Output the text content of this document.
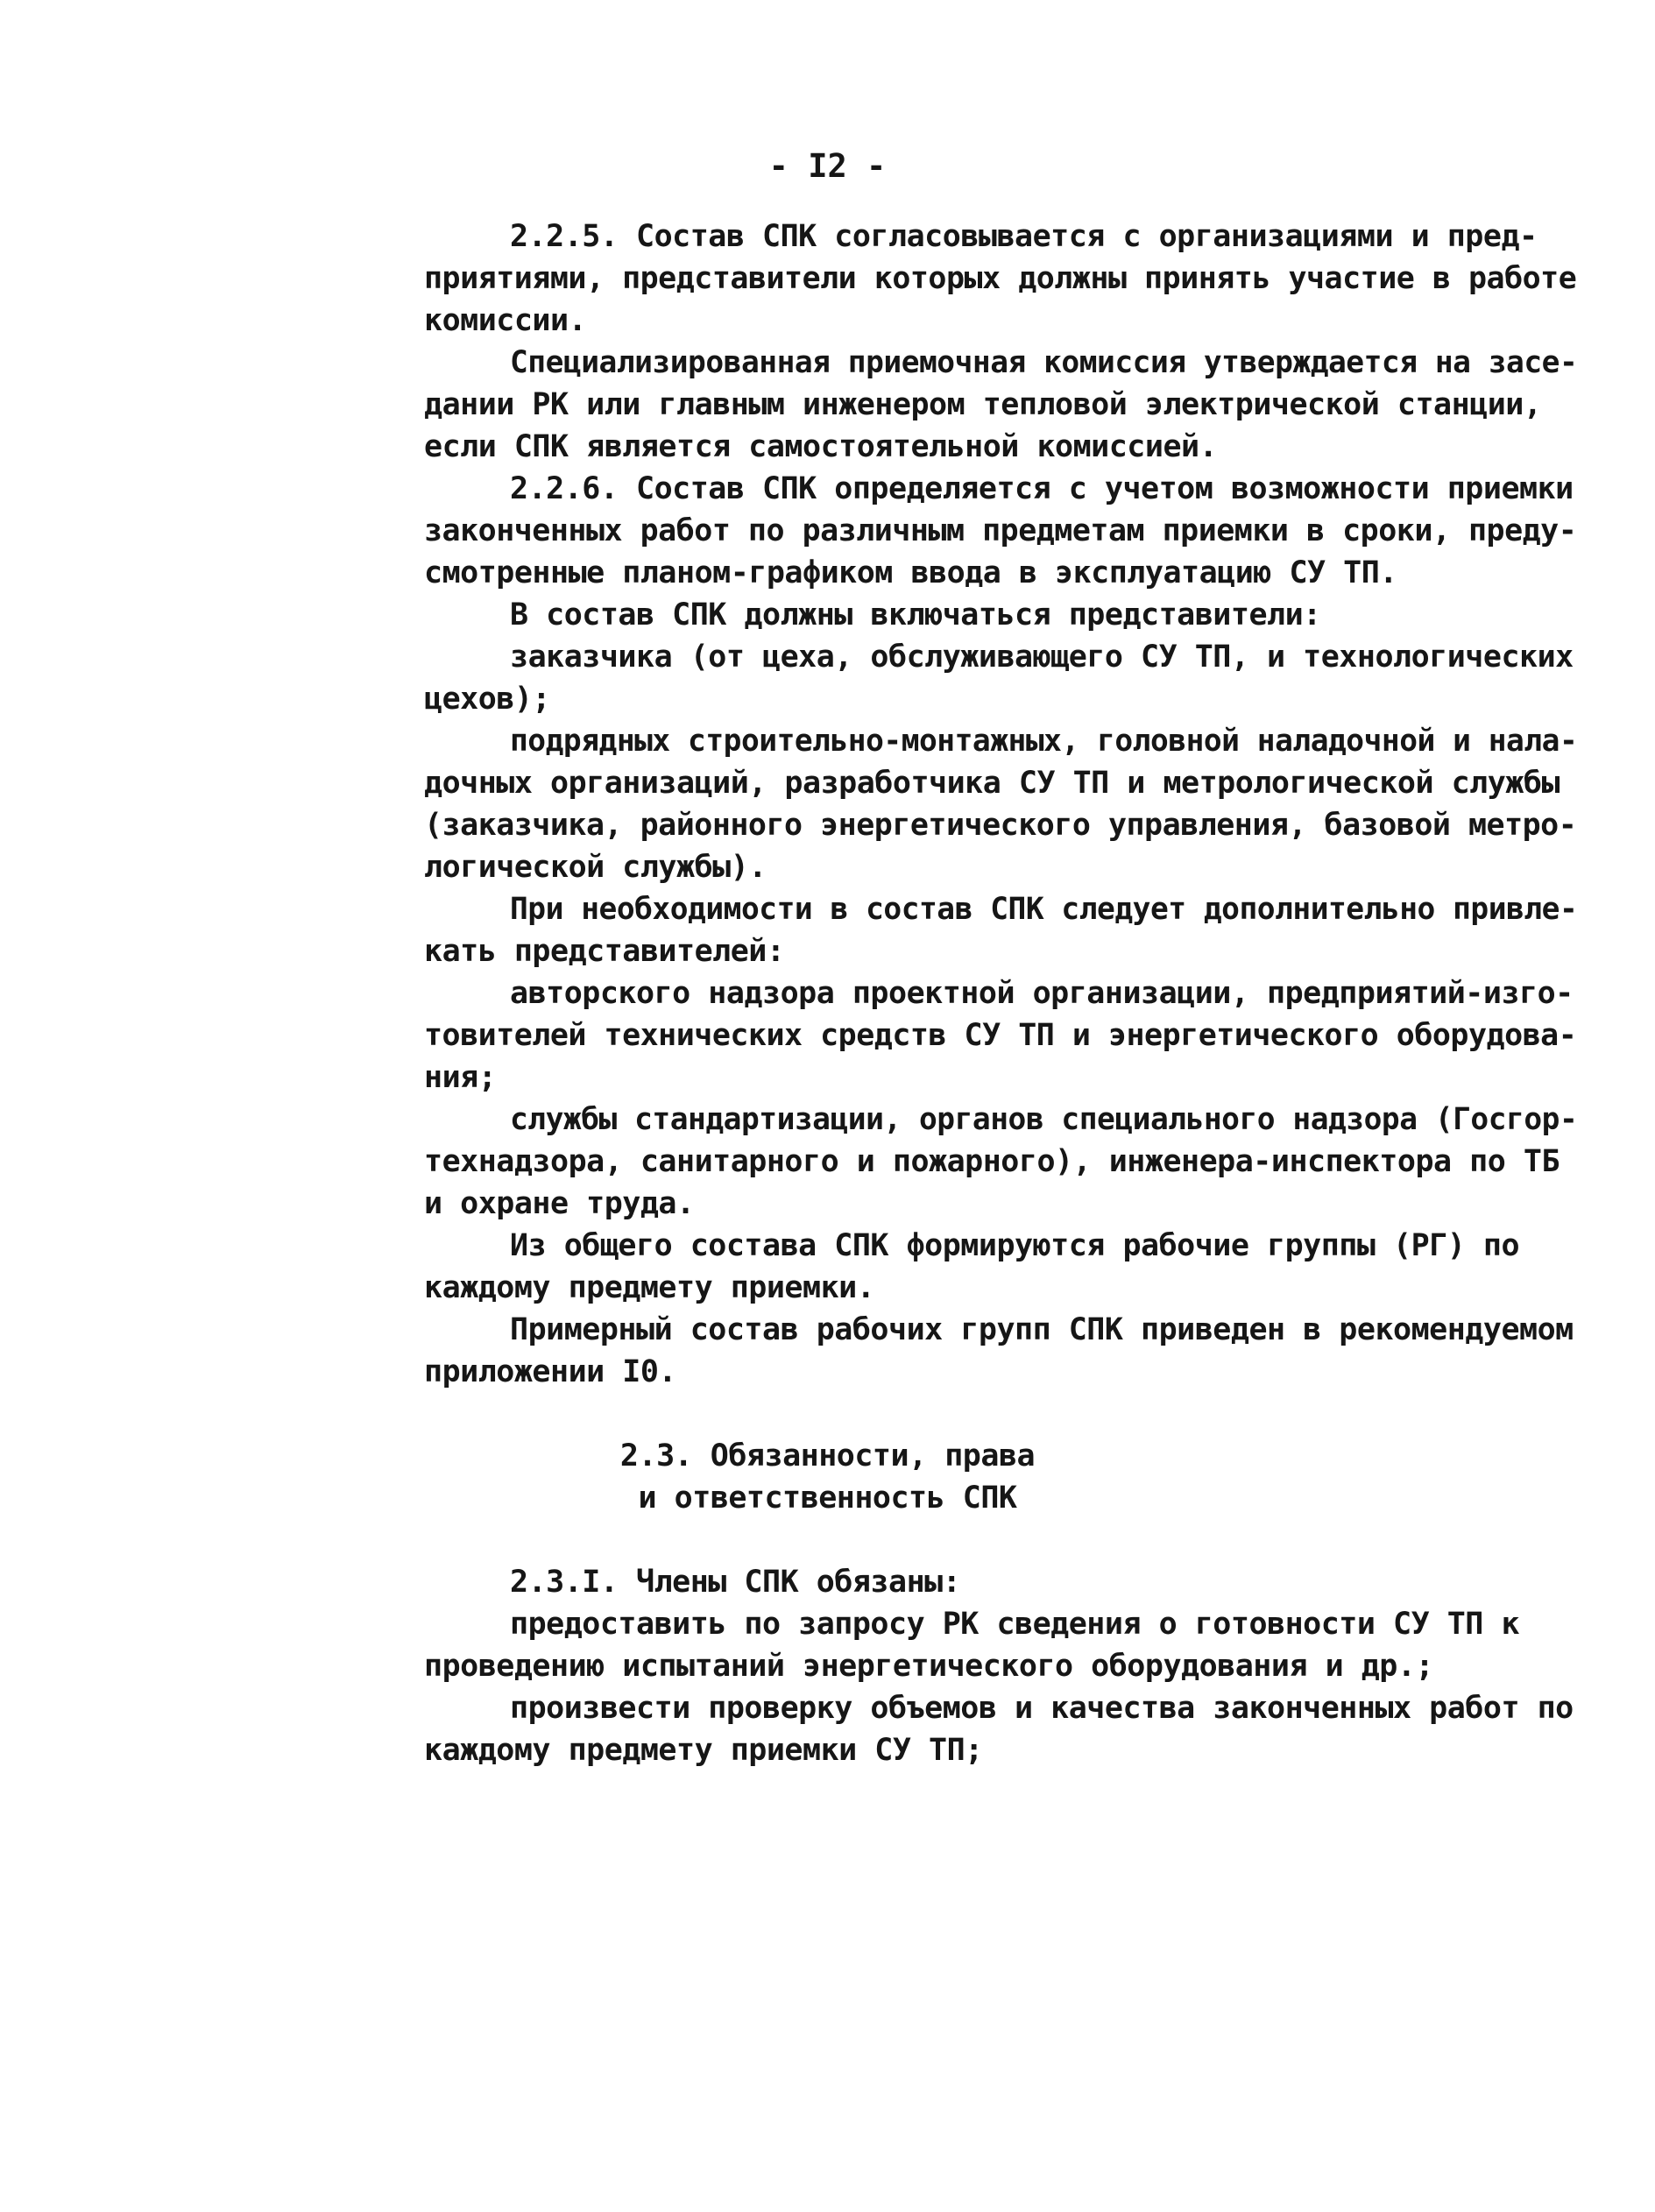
- I2 -

2.2.5. Состав СПК согласовывается с организациями и пред-

приятиями, представители которых должны принять участие в работе

комиссии.

Специализированная приемочная комиссия утверждается на засе-

дании РК или главным инженером тепловой электрической станции,

если СПК является самостоятельной комиссией.

2.2.6. Состав СПК определяется с учетом возможности приемки

законченных работ по различным предметам приемки в сроки, преду-

смотренные планом-графиком ввода в эксплуатацию СУ ТП.

В состав СПК должны включаться представители:

заказчика (от цеха, обслуживающего СУ ТП, и технологических

цехов);

подрядных строительно-монтажных, головной наладочной и нала-

дочных организаций, разработчика СУ ТП и метрологической службы

(заказчика, районного энергетического управления, базовой метро-

логической службы).

При необходимости в состав СПК следует дополнительно привле-

кать представителей:

авторского надзора проектной организации, предприятий-изго-

товителей технических средств СУ ТП и энергетического оборудова-

ния;

службы стандартизации, органов специального надзора (Госгор-

технадзора, санитарного и пожарного), инженера-инспектора по ТБ

и охране труда.

Из общего состава СПК формируются рабочие группы (РГ) по

каждому предмету приемки.

Примерный состав рабочих групп СПК приведен в рекомендуемом

приложении I0.

2.3. Обязанности, права

и ответственность СПК

2.3.I. Члены СПК обязаны:

предоставить по запросу РК сведения о готовности СУ ТП к

проведению испытаний энергетического оборудования и др.;

произвести проверку объемов и качества законченных работ по

каждому предмету приемки СУ ТП;
